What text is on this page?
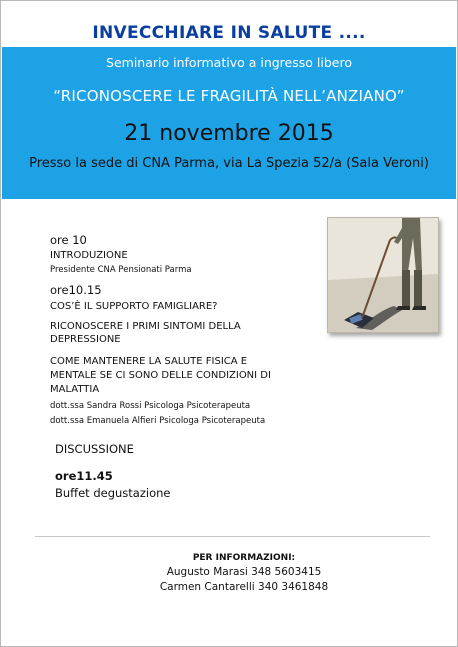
INVECCHIARE IN SALUTE ....
Seminario informativo a ingresso libero
“RICONOSCERE LE FRAGILITÀ NELL’ANZIANO”
21 novembre 2015
Presso la sede di CNA Parma, via La Spezia 52/a (Sala Veroni)
ore 10
INTRODUZIONE
Presidente CNA Pensionati Parma
ore10.15
COS’È IL SUPPORTO FAMIGLIARE?
RICONOSCERE I PRIMI SINTOMI DELLA
DEPRESSIONE
COME MANTENERE LA SALUTE FISICA E
MENTALE SE CI SONO DELLE CONDIZIONI DI
MALATTIA
dott.ssa Sandra Rossi Psicologa Psicoterapeuta
dott.ssa Emanuela Alfieri Psicologa Psicoterapeuta
DISCUSSIONE
ore11.45
Buffet degustazione
PER INFORMAZIONI:
Augusto Marasi 348 5603415
Carmen Cantarelli 340 3461848
